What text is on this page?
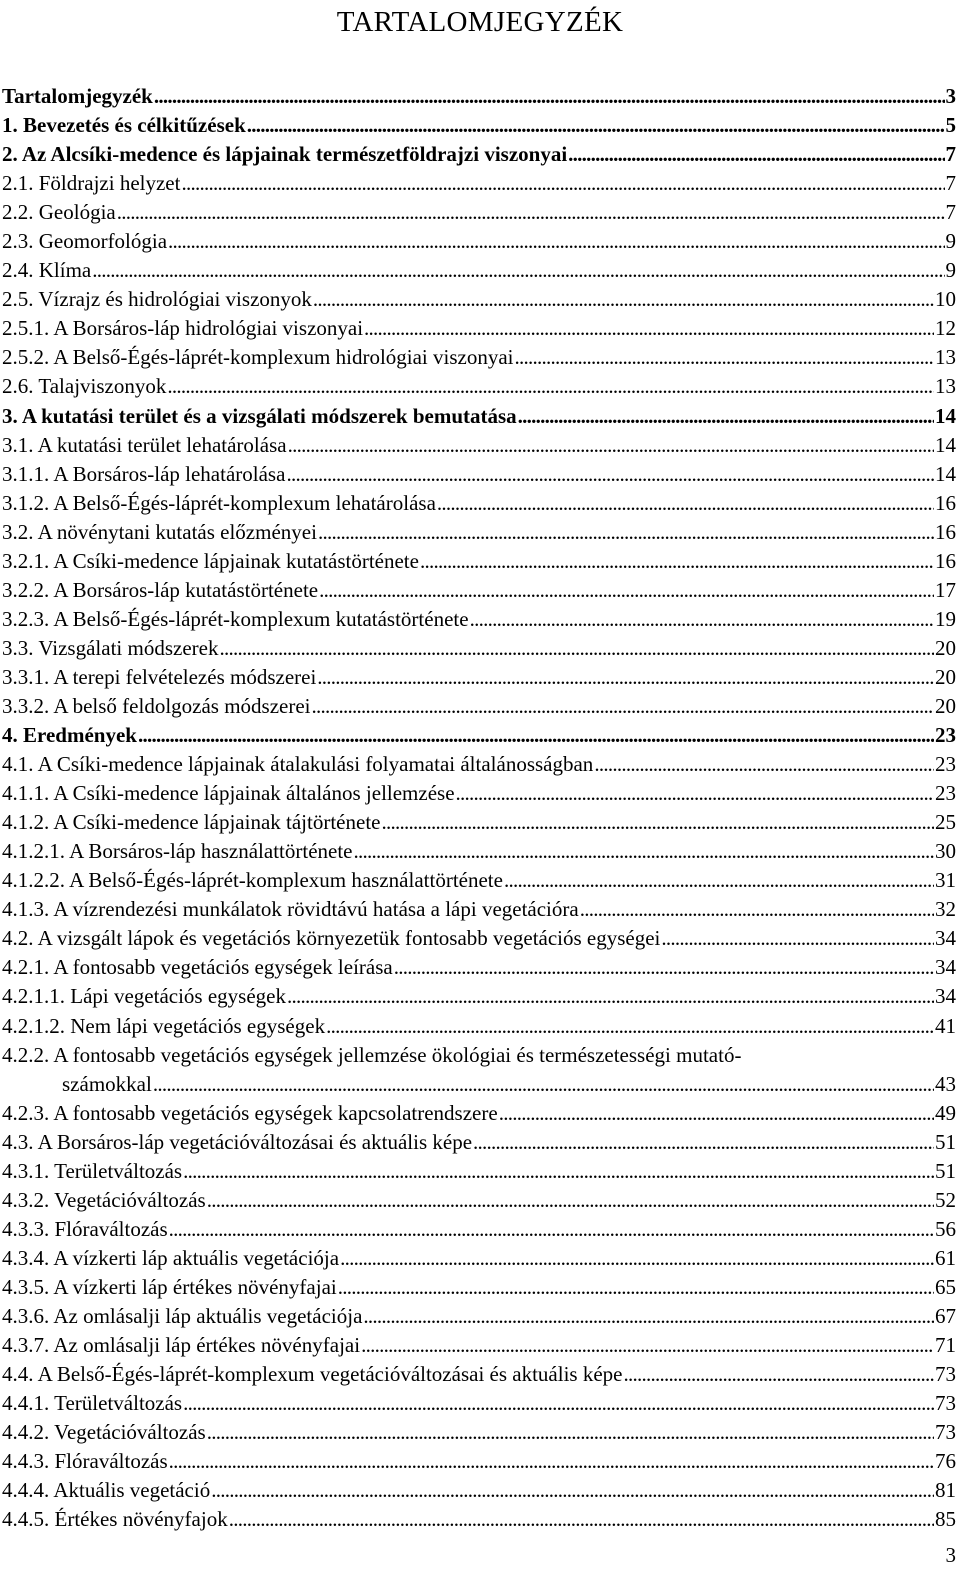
TARTALOMJEGYZÉK
Tartalomjegyzék . . .	3
1. Bevezetés és célkitűzések . . .	5
2. Az Alcsíki-medence és lápjainak természetföldrajzi viszonyai . . .	7
2.1. Földrajzi helyzet . . .	7
2.2. Geológia . . .	7
2.3. Geomorfológia . . .	9
2.4. Klíma . . .	9
2.5. Vízrajz és hidrológiai viszonyok . . .	10
2.5.1. A Borsáros-láp hidrológiai viszonyai . . .	12
2.5.2. A Belső-Égés-láprét-komplexum hidrológiai viszonyai . . .	13
2.6. Talajviszonyok . . .	13
3. A kutatási terület és a vizsgálati módszerek bemutatása . . .	14
3.1. A kutatási terület lehatárolása . . .	14
3.1.1. A Borsáros-láp lehatárolása . . .	14
3.1.2. A Belső-Égés-láprét-komplexum lehatárolása . . .	16
3.2. A növénytani kutatás előzményei . . .	16
3.2.1. A Csíki-medence lápjainak kutatástörténete . . .	16
3.2.2. A Borsáros-láp kutatástörténete . . .	17
3.2.3. A Belső-Égés-láprét-komplexum kutatástörténete . . .	19
3.3. Vizsgálati módszerek . . .	20
3.3.1. A terepi felvételezés módszerei . . .	20
3.3.2. A belső feldolgozás módszerei . . .	20
4. Eredmények . . .	23
4.1. A Csíki-medence lápjainak átalakulási folyamatai általánosságban . . .	23
4.1.1. A Csíki-medence lápjainak általános jellemzése . . .	23
4.1.2. A Csíki-medence lápjainak tájtörténete . . .	25
4.1.2.1. A Borsáros-láp használattörténete . . .	30
4.1.2.2. A Belső-Égés-láprét-komplexum használattörténete . . .	31
4.1.3. A vízrendezési munkálatok rövidtávú hatása a lápi vegetációra . . .	32
4.2. A vizsgált lápok és vegetációs környezetük fontosabb vegetációs egységei . . .	34
4.2.1. A fontosabb vegetációs egységek leírása . . .	34
4.2.1.1. Lápi vegetációs egységek . . .	34
4.2.1.2. Nem lápi vegetációs egységek . . .	41
4.2.2. A fontosabb vegetációs egységek jellemzése ökológiai és természetességi mutató-
számokkal . . .	43
4.2.3. A fontosabb vegetációs egységek kapcsolatrendszere . . .	49
4.3. A Borsáros-láp vegetációváltozásai és aktuális képe . . .	51
4.3.1. Területváltozás . . .	51
4.3.2. Vegetációváltozás . . .	52
4.3.3. Flóraváltozás . . .	56
4.3.4. A vízkerti láp aktuális vegetációja . . .	61
4.3.5. A vízkerti láp értékes növényfajai . . .	65
4.3.6. Az omlásalji láp aktuális vegetációja . . .	67
4.3.7. Az omlásalji láp értékes növényfajai . . .	71
4.4. A Belső-Égés-láprét-komplexum vegetációváltozásai és aktuális képe . . .	73
4.4.1. Területváltozás . . .	73
4.4.2. Vegetációváltozás . . .	73
4.4.3. Flóraváltozás . . .	76
4.4.4. Aktuális vegetáció . . .	81
4.4.5. Értékes növényfajok . . .	85
3
